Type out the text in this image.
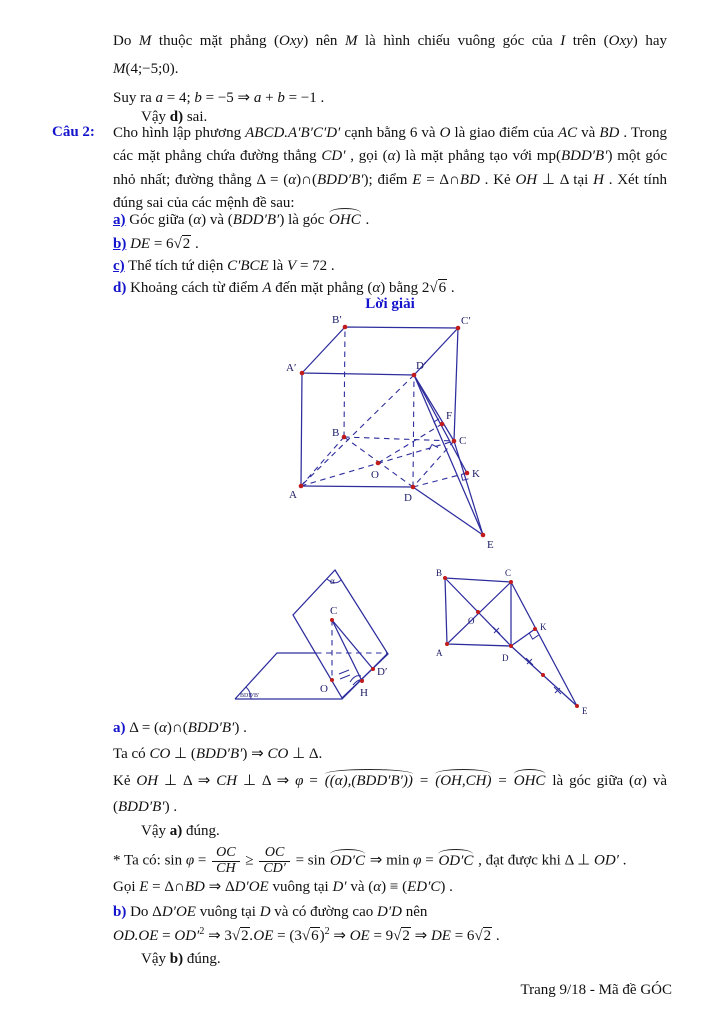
Do M thuộc mặt phẳng (Oxy) nên M là hình chiếu vuông góc của I trên (Oxy) hay
M(4;−5;0).
Suy ra a = 4; b = −5 ⇒ a + b = −1 .
Vậy d) sai.
Câu 2: Cho hình lập phương ABCD.A′B′C′D′ cạnh bằng 6 và O là giao điểm của AC và BD . Trong
các mặt phẳng chứa đường thẳng CD′ , gọi (α) là mặt phẳng tạo với mp(BDD′B′) một góc
nhỏ nhất; đường thẳng Δ = (α)∩(BDD′B′); điểm E = Δ∩BD . Kẻ OH ⊥ Δ tại H . Xét tính
đúng sai của các mệnh đề sau:
a) Góc giữa (α) và (BDD′B′) là góc OHC .
b) DE = 6 √ 2 .
c) Thể tích tứ diện C′BCE là V = 72 .
d) Khoảng cách từ điểm A đến mặt phẳng (α) bằng 2 √ 6 .
Lời giải
B′	C′
A′	D′
F
B
C
O	K
A	D
E
α
C
O	H
D′
BDD′B′
B	C
O
A	D
K
E
a) Δ = (α)∩(BDD′B′) .
Ta có CO ⊥ (BDD′B′) ⇒ CO ⊥ Δ.
Kẻ OH ⊥ Δ ⇒ CH ⊥ Δ ⇒ φ = ((α),(BDD′B′)) = (OH,CH) = OHC là góc giữa (α) và
(BDD′B′) .
Vậy a) đúng.
* Ta có: $\sin \varphi = \frac{OC}{CH} \ge \frac{OC}{CD'} = \sin OD'C$ ⇒ min φ = OD′C , đạt được khi Δ ⊥ OD′ .
Gọi E = Δ∩BD ⇒ ΔD′OE vuông tại D′ và (α) ≡ (ED′C) .
b) Do ΔD′OE vuông tại D và có đường cao D′D nên
$OD.OE = OD'^2$ ⇒ 3 √ 2.OE = (3 √ 6)$^2$ ⇒ OE = 9 √ 2 ⇒ DE = 6 √ 2 .
Vậy b) đúng.
Trang 9/18 - Mã đề GÓC
